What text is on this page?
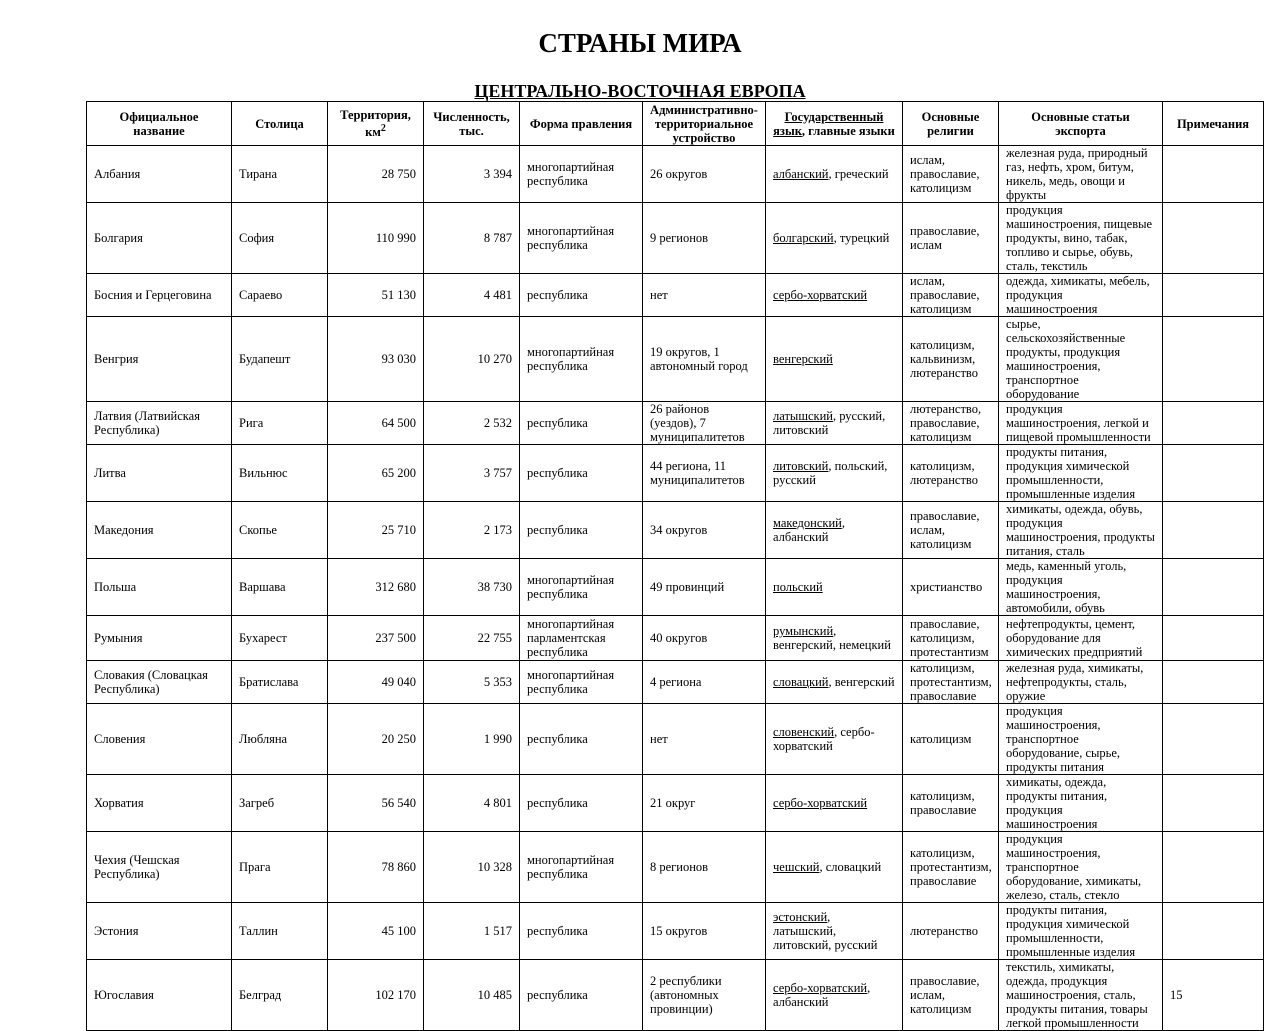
СТРАНЫ МИРА
ЦЕНТРАЛЬНО-ВОСТОЧНАЯ ЕВРОПА
Официальное название	Столица	Территория, $км^2$	Численность, тыс.	Форма правления	Административно-территориальное устройство	Государственный язык, главные языки	Основные религии	Основные статьи экспорта	Примечания
Албания	Тирана	28 750	3 394	многопартийная республика	26 округов	албанский, греческий	ислам, православие, католицизм	железная руда, природный газ, нефть, хром, битум, никель, медь, овощи и фрукты	
Болгария	София	110 990	8 787	многопартийная республика	9 регионов	болгарский, турецкий	православие, ислам	продукция машиностроения, пищевые продукты, вино, табак, топливо и сырье, обувь, сталь, текстиль	
Босния и Герцеговина	Сараево	51 130	4 481	республика	нет	сербо-хорватский	ислам, православие, католицизм	одежда, химикаты, мебель, продукция машиностроения	
Венгрия	Будапешт	93 030	10 270	многопартийная республика	19 округов, 1 автономный город	венгерский	католицизм, кальвинизм, лютеранство	сырье, сельскохозяйственные продукты, продукция машиностроения, транспортное оборудование	
Латвия (Латвийская Республика)	Рига	64 500	2 532	республика	26 районов (уездов), 7 муниципалитетов	латышский, русский, литовский	лютеранство, православие, католицизм	продукция машиностроения, легкой и пищевой промышленности	
Литва	Вильнюс	65 200	3 757	республика	44 региона, 11 муниципалитетов	литовский, польский, русский	католицизм, лютеранство	продукты питания, продукция химической промышленности, промышленные изделия	
Македония	Скопье	25 710	2 173	республика	34 округов	македонский, албанский	православие, ислам, католицизм	химикаты, одежда, обувь, продукция машиностроения, продукты питания, сталь	
Польша	Варшава	312 680	38 730	многопартийная республика	49 провинций	польский	христианство	медь, каменный уголь, продукция машиностроения, автомобили, обувь	
Румыния	Бухарест	237 500	22 755	многопартийная парламентская республика	40 округов	румынский, венгерский, немецкий	православие, католицизм, протестантизм	нефтепродукты, цемент, оборудование для химических предприятий	
Словакия (Словацкая Республика)	Братислава	49 040	5 353	многопартийная республика	4 региона	словацкий, венгерский	католицизм, протестантизм, православие	железная руда, химикаты, нефтепродукты, сталь, оружие	
Словения	Любляна	20 250	1 990	республика	нет	словенский, сербо-хорватский	католицизм	продукция машиностроения, транспортное оборудование, сырье, продукты питания	
Хорватия	Загреб	56 540	4 801	республика	21 округ	сербо-хорватский	католицизм, православие	химикаты, одежда, продукты питания, продукция машиностроения	
Чехия (Чешская Республика)	Прага	78 860	10 328	многопартийная республика	8 регионов	чешский, словацкий	католицизм, протестантизм, православие	продукция машиностроения, транспортное оборудование, химикаты, железо, сталь, стекло	
Эстония	Таллин	45 100	1 517	республика	15 округов	эстонский, латышский, литовский, русский	лютеранство	продукты питания, продукция химической промышленности, промышленные изделия	
Югославия	Белград	102 170	10 485	республика	2 республики (автономных провинции)	сербо-хорватский, албанский	православие, ислам, католицизм	текстиль, химикаты, одежда, продукция машиностроения, сталь, продукты питания, товары легкой промышленности	15
